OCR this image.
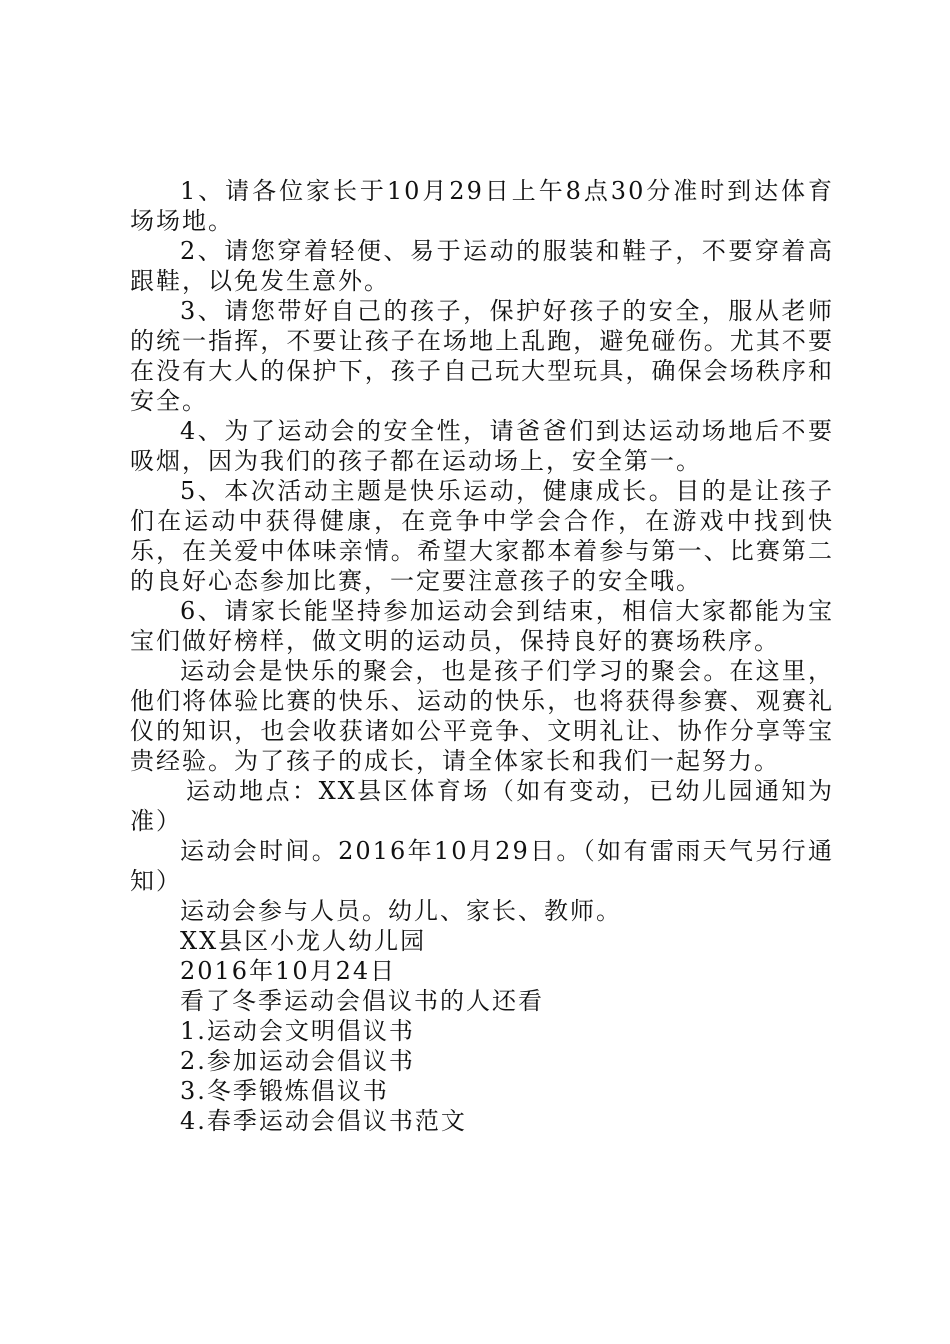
1、请各位家长于10月29日上午8点30分准时到达体育场场地。

2、请您穿着轻便、易于运动的服装和鞋子，不要穿着高跟鞋，以免发生意外。

3、请您带好自己的孩子，保护好孩子的安全，服从老师的统一指挥，不要让孩子在场地上乱跑，避免碰伤。尤其不要在没有大人的保护下，孩子自己玩大型玩具，确保会场秩序和安全。

4、为了运动会的安全性，请爸爸们到达运动场地后不要吸烟，因为我们的孩子都在运动场上，安全第一。

5、本次活动主题是快乐运动，健康成长。目的是让孩子们在运动中获得健康，在竞争中学会合作，在游戏中找到快乐，在关爱中体味亲情。希望大家都本着参与第一、比赛第二的良好心态参加比赛，一定要注意孩子的安全哦。

6、请家长能坚持参加运动会到结束，相信大家都能为宝宝们做好榜样，做文明的运动员，保持良好的赛场秩序。

运动会是快乐的聚会，也是孩子们学习的聚会。在这里，他们将体验比赛的快乐、运动的快乐，也将获得参赛、观赛礼仪的知识，也会收获诸如公平竞争、文明礼让、协作分享等宝贵经验。为了孩子的成长，请全体家长和我们一起努力。

运动地点：XX县区体育场（如有变动，已幼儿园通知为准）

运动会时间。2016年10月29日。（如有雷雨天气另行通知）

运动会参与人员。幼儿、家长、教师。

XX县区小龙人幼儿园

2016年10月24日

看了冬季运动会倡议书的人还看

1.运动会文明倡议书

2.参加运动会倡议书

3.冬季锻炼倡议书

4.春季运动会倡议书范文
